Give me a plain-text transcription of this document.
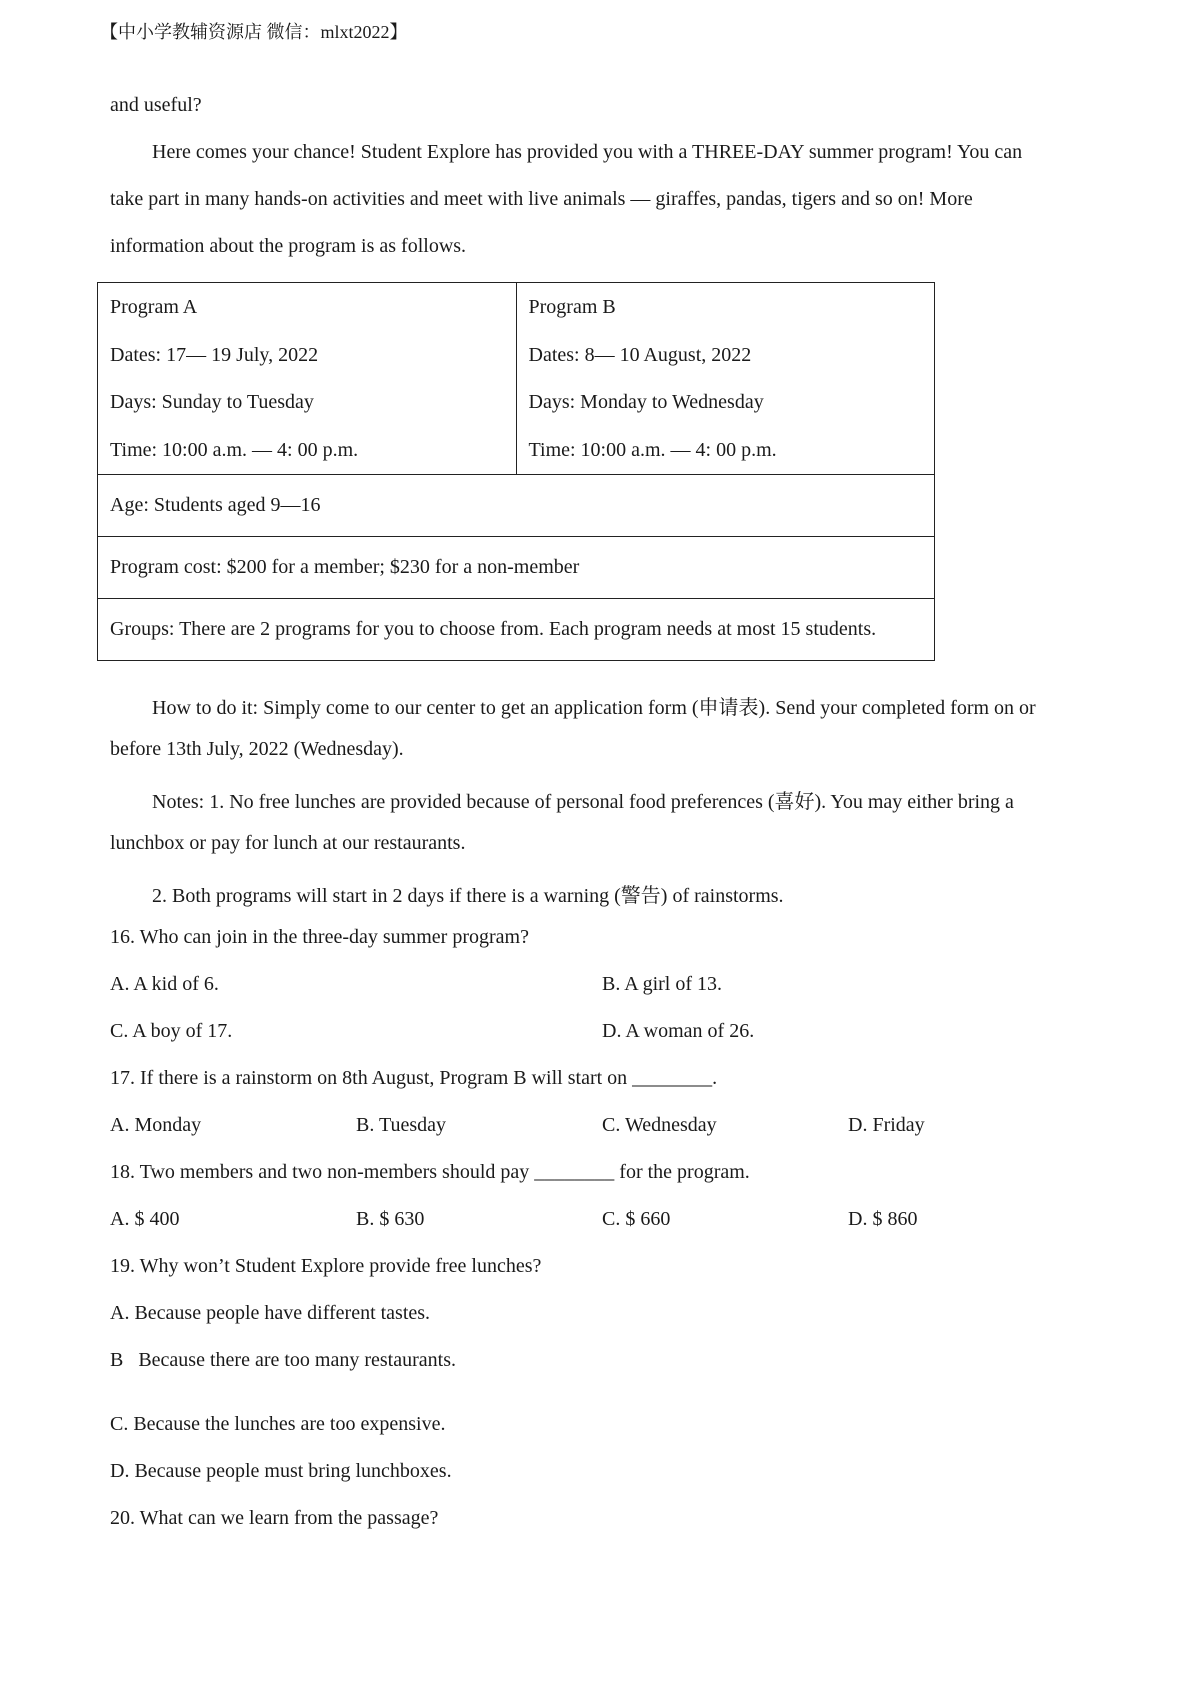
【中小学教辅资源店 微信：mlxt2022】
and useful?
Here comes your chance! Student Explore has provided you with a THREE-DAY summer program! You can
take part in many hands-on activities and meet with live animals — giraffes, pandas, tigers and so on! More
information about the program is as follows.
Program A
Dates: 17— 19 July, 2022
Days: Sunday to Tuesday
Time: 10:00 a.m. — 4: 00 p.m.

Program B
Dates: 8— 10 August, 2022
Days: Monday to Wednesday
Time: 10:00 a.m. — 4: 00 p.m.

Age: Students aged 9—16

Program cost: $200 for a member; $230 for a non-member

Groups: There are 2 programs for you to choose from. Each program needs at most 15 students.
How to do it: Simply come to our center to get an application form (申请表). Send your completed form on or
before 13th July, 2022 (Wednesday).
Notes: 1. No free lunches are provided because of personal food preferences (喜好). You may either bring a
lunchbox or pay for lunch at our restaurants.
2. Both programs will start in 2 days if there is a warning (警告) of rainstorms.
16. Who can join in the three-day summer program?
A. A kid of 6.	B. A girl of 13.
C. A boy of 17.	D. A woman of 26.
17. If there is a rainstorm on 8th August, Program B will start on ________.
A. Monday	B. Tuesday	C. Wednesday	D. Friday
18. Two members and two non-members should pay ________ for the program.
A. $ 400	B. $ 630	C. $ 660	D. $ 860
19. Why won’t Student Explore provide free lunches?
A. Because people have different tastes.
B   Because there are too many restaurants.
C. Because the lunches are too expensive.
D. Because people must bring lunchboxes.
20. What can we learn from the passage?
